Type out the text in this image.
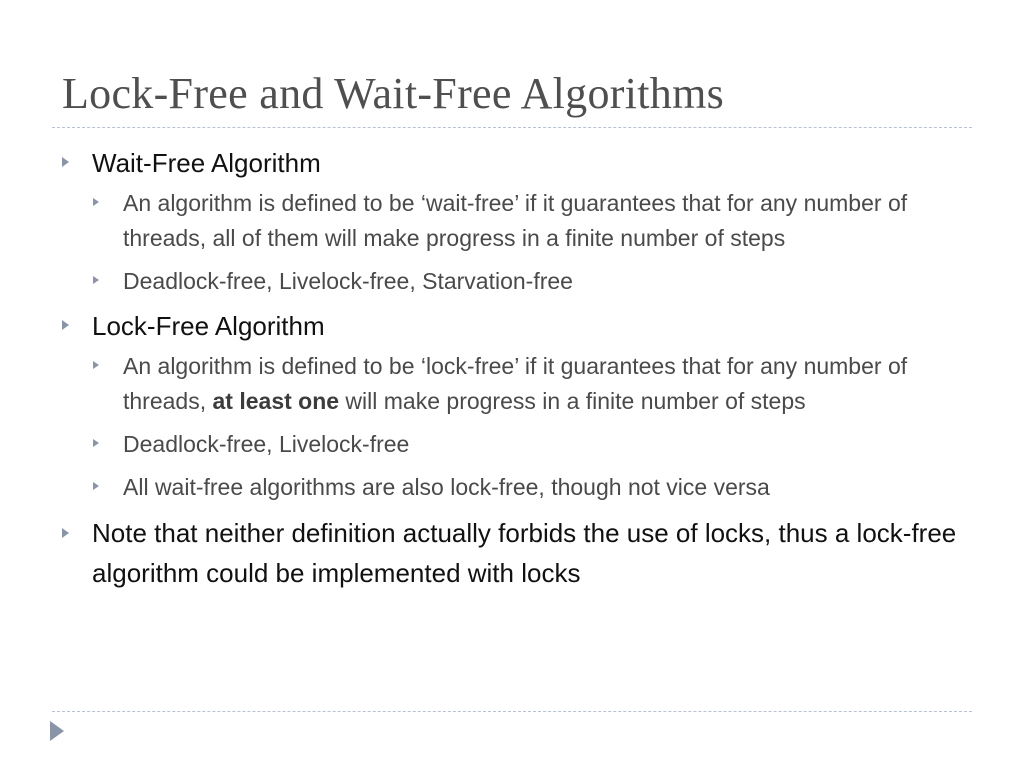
Lock-Free and Wait-Free Algorithms
Wait-Free Algorithm
An algorithm is defined to be ‘wait-free’ if it guarantees that for any number of threads, all of them will make progress in a finite number of steps
Deadlock-free, Livelock-free, Starvation-free
Lock-Free Algorithm
An algorithm is defined to be ‘lock-free’ if it guarantees that for any number of threads, at least one will make progress in a finite number of steps
Deadlock-free, Livelock-free
All wait-free algorithms are also lock-free, though not vice versa
Note that neither definition actually forbids the use of locks, thus a lock-free algorithm could be implemented with locks
